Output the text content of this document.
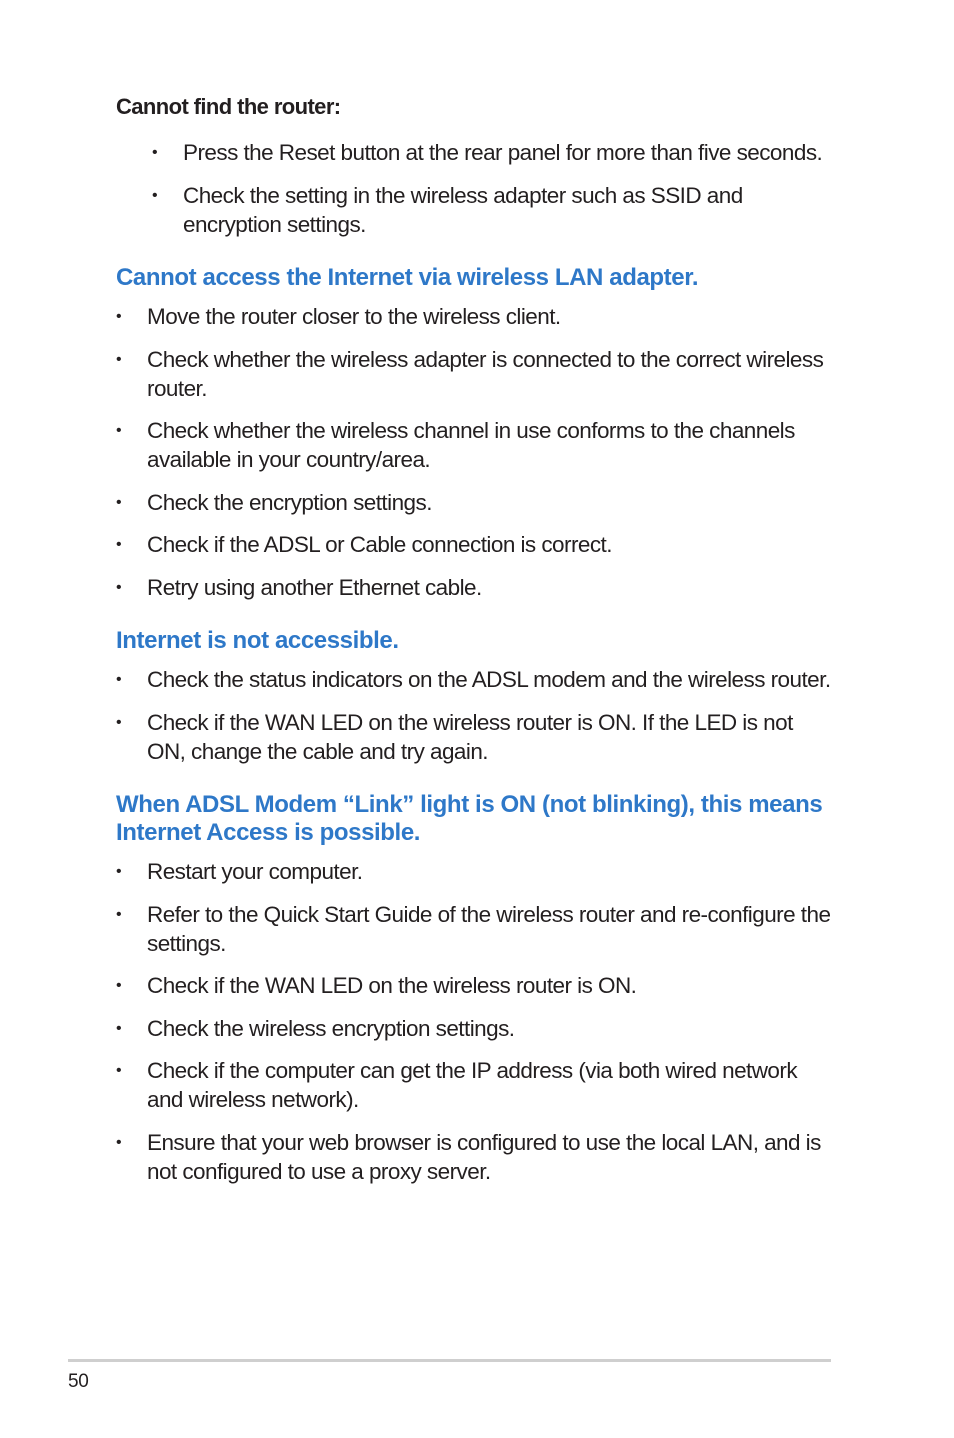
Cannot find the router:
• Press the Reset button at the rear panel for more than five seconds.
• Check the setting in the wireless adapter such as SSID and encryption settings.
Cannot access the Internet via wireless LAN adapter.
• Move the router closer to the wireless client.
• Check whether the wireless adapter is connected to the correct wireless router.
• Check whether the wireless channel in use conforms to the channels available in your country/area.
• Check the encryption settings.
• Check if the ADSL or Cable connection is correct.
• Retry using another Ethernet cable.
Internet is not accessible.
• Check the status indicators on the ADSL modem and the wireless router.
• Check if the WAN LED on the wireless router is ON. If the LED is not ON, change the cable and try again.
When ADSL Modem “Link” light is ON (not blinking), this means Internet Access is possible.
• Restart your computer.
• Refer to the Quick Start Guide of the wireless router and re-configure the settings.
• Check if the WAN LED on the wireless router is ON.
• Check the wireless encryption settings.
• Check if the computer can get the IP address (via both wired network and wireless network).
• Ensure that your web browser is configured to use the local LAN, and is not configured to use a proxy server.
50
